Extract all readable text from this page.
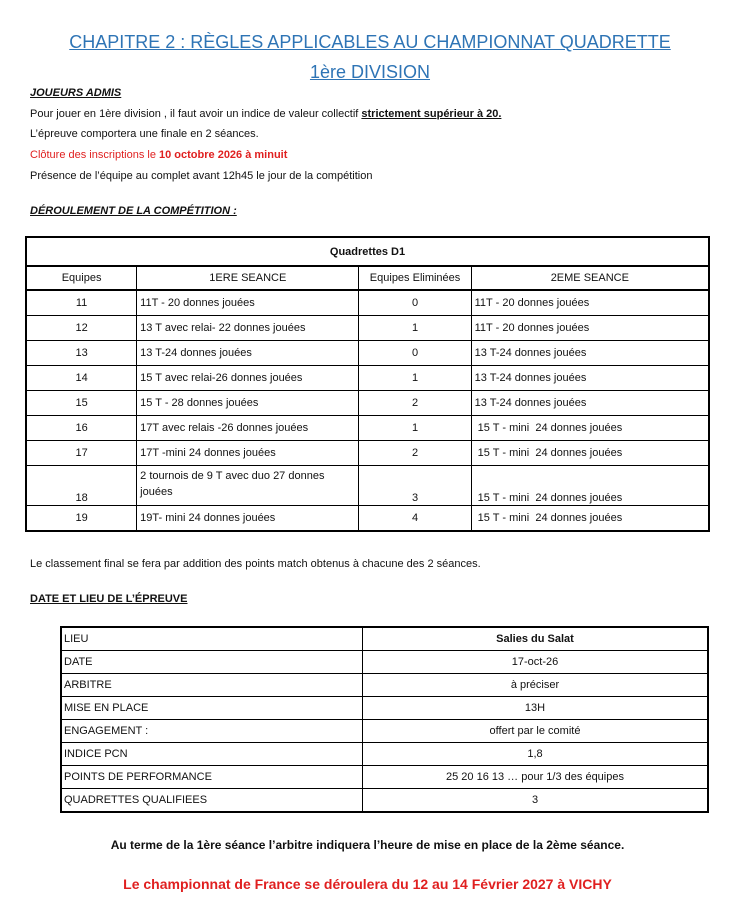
CHAPITRE 2 : RÈGLES APPLICABLES AU CHAMPIONNAT QUADRETTE
1ère DIVISION
JOUEURS ADMIS
Pour jouer en 1ère division , il faut avoir un indice de valeur collectif strictement supérieur à 20.
L’épreuve comportera une finale en 2 séances.
Clôture des inscriptions le 10 octobre 2026 à minuit
Présence de l’équipe au complet avant 12h45 le jour de la compétition
DÉROULEMENT DE LA COMPÉTITION :
Quadrettes D1			
Equipes	1ERE SEANCE	Equipes Eliminées	2EME SEANCE
11	11T - 20 donnes jouées	0	11T - 20 donnes jouées
12	13 T avec relai- 22 donnes jouées	1	11T - 20 donnes jouées
13	13 T-24 donnes jouées	0	13 T-24 donnes jouées
14	15 T avec relai-26 donnes jouées	1	13 T-24 donnes jouées
15	15 T - 28 donnes jouées	2	13 T-24 donnes jouées
16	17T avec relais -26 donnes jouées	1	15 T - mini  24 donnes jouées
17	17T -mini 24 donnes jouées	2	15 T - mini  24 donnes jouées
18	2 tournois de 9 T avec duo 27 donnes jouées	3	15 T - mini  24 donnes jouées
19	19T- mini 24 donnes jouées	4	15 T - mini  24 donnes jouées
Le classement final se fera par addition des points match obtenus à chacune des 2 séances.
DATE ET LIEU DE L’ÉPREUVE
LIEU	Salies du Salat
DATE	17-oct-26
ARBITRE	à préciser
MISE EN PLACE	13H
ENGAGEMENT :	offert par le comité
INDICE PCN	1,8
POINTS DE PERFORMANCE	25 20 16 13 … pour 1/3 des équipes
QUADRETTES QUALIFIEES	3
Au terme de la 1ère séance l’arbitre indiquera l’heure de mise en place de la 2ème séance.
Le championnat de France se déroulera du 12 au 14 Février 2027 à VICHY
